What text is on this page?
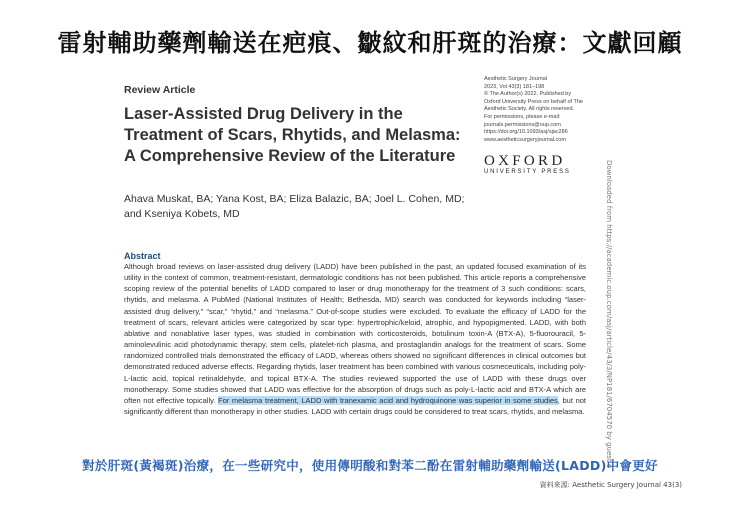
雷射輔助藥劑輸送在疤痕、皺紋和肝斑的治療：文獻回顧
Review Article
Laser-Assisted Drug Delivery in the Treatment of Scars, Rhytids, and Melasma: A Comprehensive Review of the Literature
Ahava Muskat, BA; Yana Kost, BA; Eliza Balazic, BA; Joel L. Cohen, MD; and Kseniya Kobets, MD
Aesthetic Surgery Journal
2023, Vol 43(3) 181–198
© The Author(s) 2022. Published by
Oxford University Press on behalf of The
Aesthetic Society. All rights reserved.
For permissions, please e-mail:
journals.permissions@oup.com
https://doi.org/10.1093/asj/sjac286
www.aestheticsurgeryjournal.com
OXFORD
UNIVERSITY PRESS
Abstract
Although broad reviews on laser-assisted drug delivery (LADD) have been published in the past, an updated focused examination of its utility in the context of common, treatment-resistant, dermatologic conditions has not been published. This article reports a comprehensive scoping review of the potential benefits of LADD compared to laser or drug monotherapy for the treatment of 3 such conditions: scars, rhytids, and melasma. A PubMed (National Institutes of Health; Bethesda, MD) search was conducted for keywords including “laser-assisted drug delivery,” “scar,” “rhytid,” and “melasma.” Out-of-scope studies were excluded. To evaluate the efficacy of LADD for the treatment of scars, relevant articles were categorized by scar type: hypertrophic/keloid, atrophic, and hypopigmented. LADD, with both ablative and nonablative laser types, was studied in combination with corticosteroids, botulinum toxin-A (BTX-A), 5-fluorouracil, 5-aminolevulinic acid photodynamic therapy, stem cells, platelet-rich plasma, and prostaglandin analogs for the treatment of scars. Some randomized controlled trials demonstrated the efficacy of LADD, whereas others showed no significant differences in clinical outcomes but demonstrated reduced adverse effects. Regarding rhytids, laser treatment has been combined with various cosmeceuticals, including poly-L-lactic acid, topical retinaldehyde, and topical BTX-A. The studies reviewed supported the use of LADD with these drugs over monotherapy. Some studies showed that LADD was effective for the absorption of drugs such as poly-L-lactic acid and BTX-A which are often not effective topically. For melasma treatment, LADD with tranexamic acid and hydroquinone was superior in some studies, but not significantly different than monotherapy in other studies. LADD with certain drugs could be considered to treat scars, rhytids, and melasma.	Downloaded from https://academic.oup.com/asj/article/43/3/NP181/6704570 by guest o
對於肝斑(黃褐斑)治療，在一些研究中，使用傳明酸和對苯二酚在雷射輔助藥劑輸送(LADD)中會更好
資料來源: Aesthetic Surgery Journal 43(3)
